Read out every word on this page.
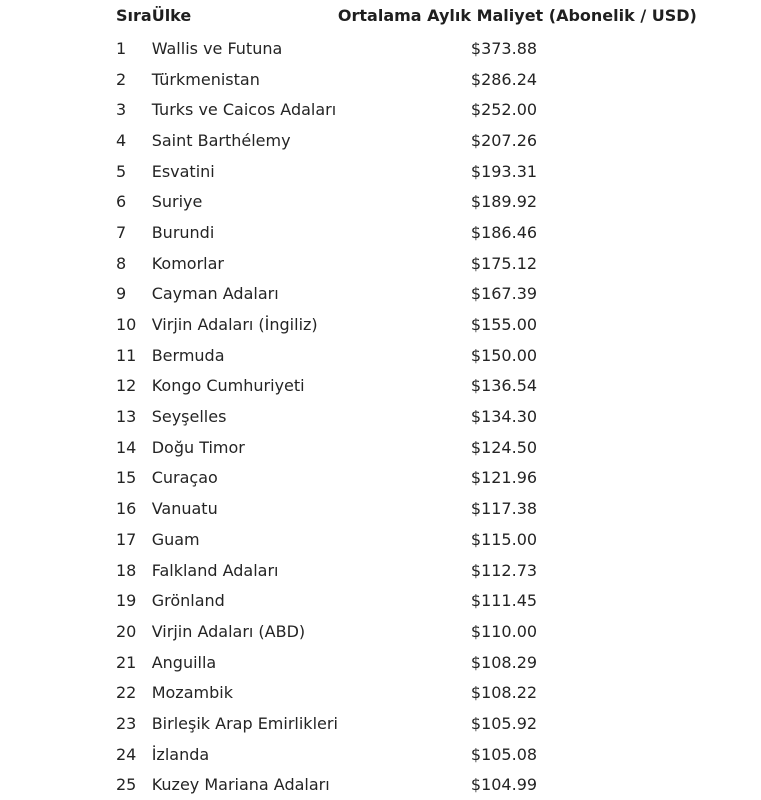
Sıra	Ülke	Ortalama Aylık Maliyet (Abonelik / USD)
1	Wallis ve Futuna	$373.88
2	Türkmenistan	$286.24
3	Turks ve Caicos Adaları	$252.00
4	Saint Barthélemy	$207.26
5	Esvatini	$193.31
6	Suriye	$189.92
7	Burundi	$186.46
8	Komorlar	$175.12
9	Cayman Adaları	$167.39
10	Virjin Adaları (İngiliz)	$155.00
11	Bermuda	$150.00
12	Kongo Cumhuriyeti	$136.54
13	Seyşelles	$134.30
14	Doğu Timor	$124.50
15	Curaçao	$121.96
16	Vanuatu	$117.38
17	Guam	$115.00
18	Falkland Adaları	$112.73
19	Grönland	$111.45
20	Virjin Adaları (ABD)	$110.00
21	Anguilla	$108.29
22	Mozambik	$108.22
23	Birleşik Arap Emirlikleri	$105.92
24	İzlanda	$105.08
25	Kuzey Mariana Adaları	$104.99
